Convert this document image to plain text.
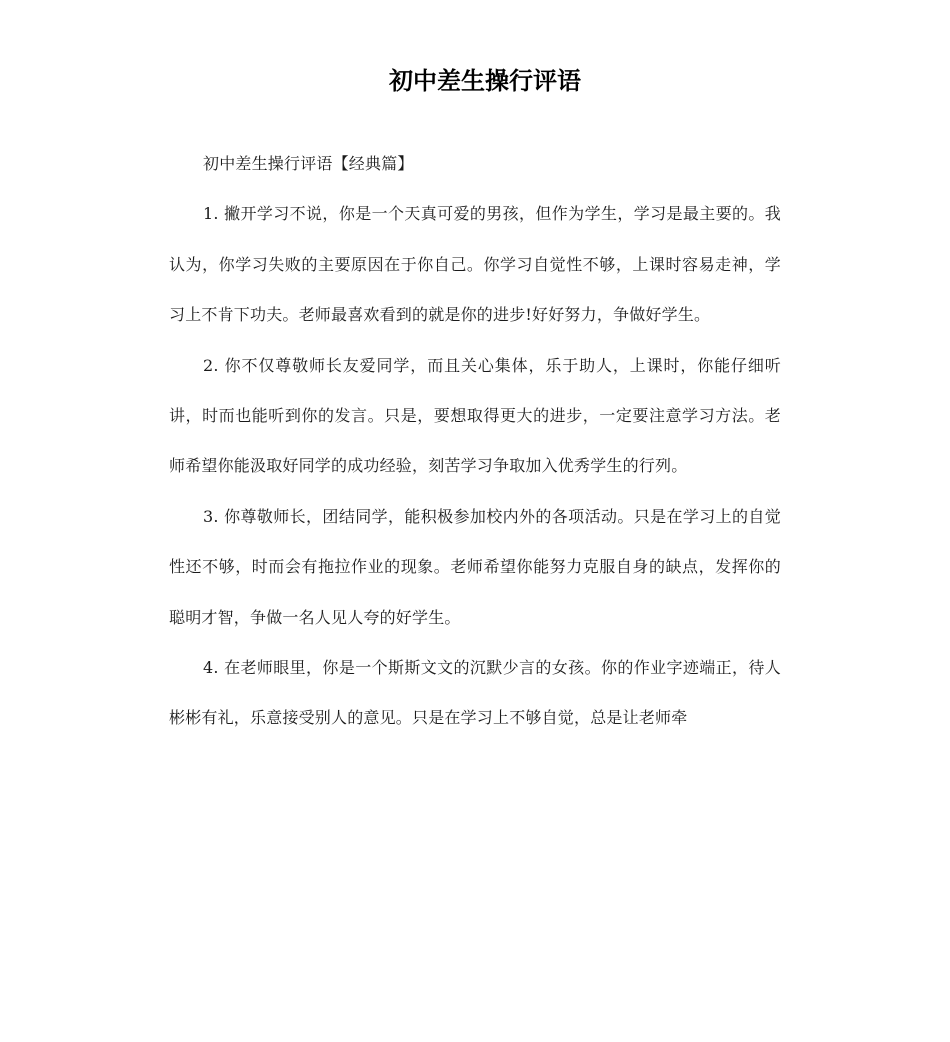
初中差生操行评语

初中差生操行评语【经典篇】

1. 撇开学习不说，你是一个天真可爱的男孩，但作为学生，学习是最主要的。我认为，你学习失败的主要原因在于你自己。你学习自觉性不够，上课时容易走神，学习上不肯下功夫。老师最喜欢看到的就是你的进步!好好努力，争做好学生。

2. 你不仅尊敬师长友爱同学，而且关心集体，乐于助人，上课时，你能仔细听讲，时而也能听到你的发言。只是，要想取得更大的进步，一定要注意学习方法。老师希望你能汲取好同学的成功经验，刻苦学习争取加入优秀学生的行列。

3. 你尊敬师长，团结同学，能积极参加校内外的各项活动。只是在学习上的自觉性还不够，时而会有拖拉作业的现象。老师希望你能努力克服自身的缺点，发挥你的聪明才智，争做一名人见人夸的好学生。

4. 在老师眼里，你是一个斯斯文文的沉默少言的女孩。你的作业字迹端正，待人彬彬有礼，乐意接受别人的意见。只是在学习上不够自觉，总是让老师牵
